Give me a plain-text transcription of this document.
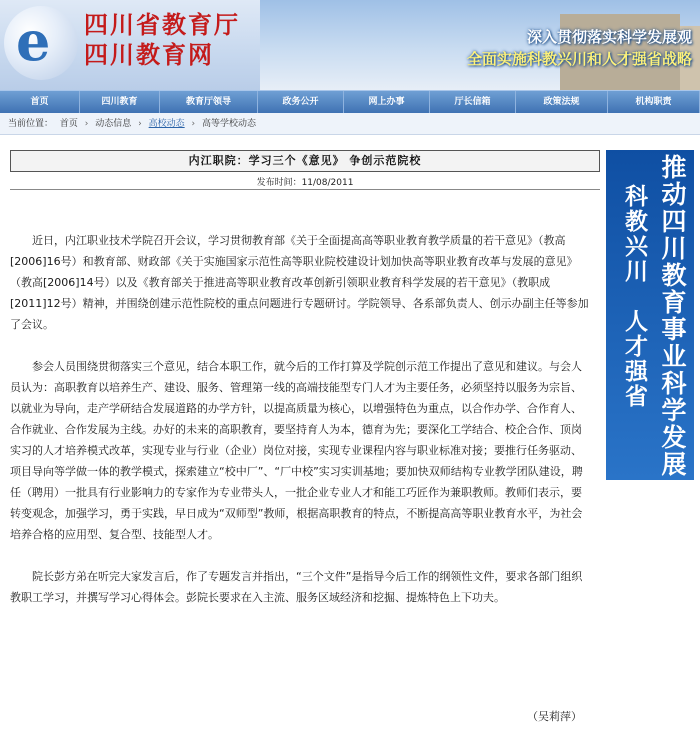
e 四川省教育厅
四川教育网
深入贯彻落实科学发展观
全面实施科教兴川和人才强省战略
首页	四川教育	教育厅领导	政务公开	网上办事	厅长信箱	政策法规	机构职责
当前位置： 首页 › 动态信息 › 高校动态 › 高等学校动态
内江职院：学习三个《意见》 争创示范院校
发布时间：11/08/2011

近日，内江职业技术学院召开会议，学习贯彻教育部《关于全面提高高等职业教育教学质量的若干意见》（教高[2006]16号）和教育部、财政部《关于实施国家示范性高等职业院校建设计划加快高等职业教育改革与发展的意见》（教高[2006]14号）以及《教育部关于推进高等职业教育改革创新引领职业教育科学发展的若干意见》（教职成[2011]12号）精神，并围绕创建示范性院校的重点问题进行专题研讨。学院领导、各系部负责人、创示办副主任等参加了会议。

参会人员围绕贯彻落实三个意见，结合本职工作，就今后的工作打算及学院创示范工作提出了意见和建议。与会人员认为：高职教育以培养生产、建设、服务、管理第一线的高端技能型专门人才为主要任务，必须坚持以服务为宗旨、以就业为导向，走产学研结合发展道路的办学方针，以提高质量为核心，以增强特色为重点，以合作办学、合作育人、合作就业、合作发展为主线。办好的未来的高职教育，要坚持育人为本，德育为先；要深化工学结合、校企合作、顶岗实习的人才培养模式改革，实现专业与行业（企业）岗位对接，实现专业课程内容与职业标准对接；要推行任务驱动、项目导向等学做一体的教学模式，探索建立“校中厂”、“厂中校”实习实训基地；要加快双师结构专业教学团队建设，聘任（聘用）一批具有行业影响力的专家作为专业带头人，一批企业专业人才和能工巧匠作为兼职教师。教师们表示，要转变观念，加强学习，勇于实践，早日成为“双师型”教师，根据高职教育的特点，不断提高高等职业教育水平，为社会培养合格的应用型、复合型、技能型人才。

院长彭方弟在听完大家发言后，作了专题发言并指出，“三个文件”是指导今后工作的纲领性文件，要求各部门组织教职工学习，并撰写学习心得体会。彭院长要求在入主流、服务区域经济和挖掘、提炼特色上下功夫。

（吴莉萍）
推动四川教育事业科学发展
科教兴川　人才强省
